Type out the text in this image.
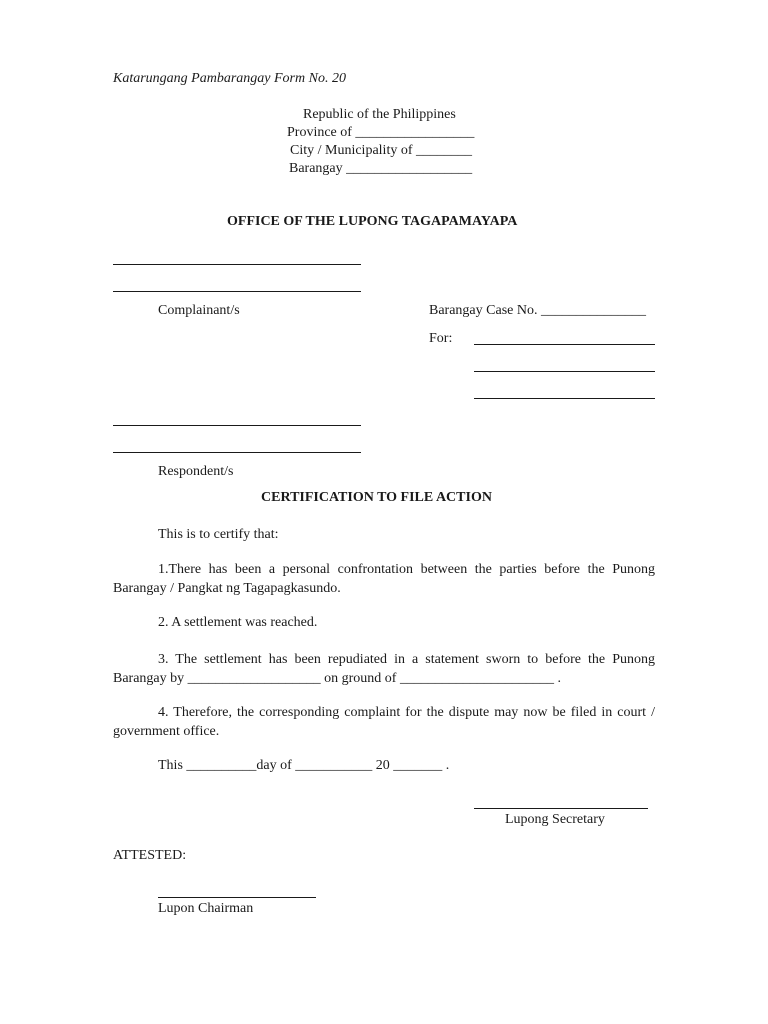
Katarungang Pambarangay Form No. 20
Republic of the Philippines
Province of _________________
City / Municipality of ________
Barangay __________________
OFFICE OF THE LUPONG TAGAPAMAYAPA
Complainant/s	Barangay Case No. _______________
For:
Respondent/s
CERTIFICATION TO FILE ACTION
This is to certify that:
1.There has been a personal confrontation between the parties before the Punong Barangay / Pangkat ng Tagapagkasundo.
2. A settlement was reached.
3. The settlement has been repudiated in a statement sworn to before the Punong Barangay by ___________________ on ground of ______________________ .
4. Therefore, the corresponding complaint for the dispute may now be filed in court / government office.
This __________day of ___________ 20 _______ .
Lupong Secretary
ATTESTED:
Lupon Chairman
